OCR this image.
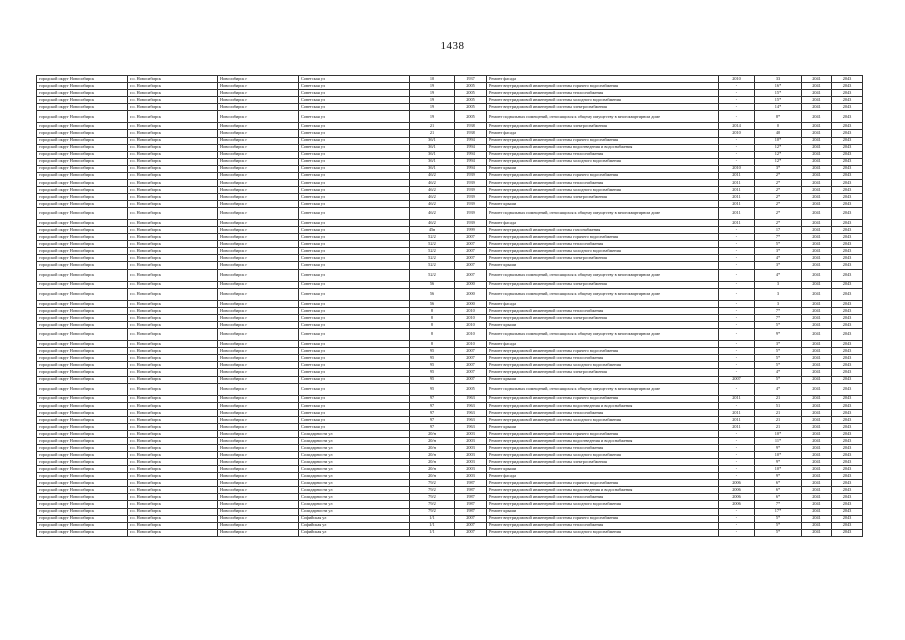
1438
городской округ Новосибирск	г.о. Новосибирск	Новосибирск г	Советская ул	10	1937	Ремонт фасада	2010	33	2041	2043
городской округ Новосибирск	г.о. Новосибирск	Новосибирск г	Советская ул	19	2005	Ремонт внутридомовой инженерной системы горячего водоснабжения	-	16*	2041	2043
городской округ Новосибирск	г.о. Новосибирск	Новосибирск г	Советская ул	19	2005	Ремонт внутридомовой инженерной системы теплоснабжения	-	15*	2041	2043
городской округ Новосибирск	г.о. Новосибирск	Новосибирск г	Советская ул	19	2005	Ремонт внутридомовой инженерной системы холодного водоснабжения	-	15*	2041	2043
городской округ Новосибирск	г.о. Новосибирск	Новосибирск г	Советская ул	19	2005	Ремонт внутридомовой инженерной системы электроснабжения	-	14*	2041	2043
городской округ Новосибирск	г.о. Новосибирск	Новосибирск г	Советская ул	19	2005	Ремонт подвальных помещений, относящихся к общему имуществу в многоквартирном доме	-	8*	2041	2043
городской округ Новосибирск	г.о. Новосибирск	Новосибирск г	Советская ул	21	1938	Ремонт внутридомовой инженерной системы электроснабжения	2014	0	2041	2043
городской округ Новосибирск	г.о. Новосибирск	Новосибирск г	Советская ул	21	1938	Ремонт фасада	2010	40	2041	2043
городской округ Новосибирск	г.о. Новосибирск	Новосибирск г	Советская ул	36/1	1994	Ремонт внутридомовой инженерной системы горячего водоснабжения	-	10*	2041	2043
городской округ Новосибирск	г.о. Новосибирск	Новосибирск г	Советская ул	36/1	1994	Ремонт внутридомовой инженерной системы водоотведения и водоснабжения	-	12*	2041	2043
городской округ Новосибирск	г.о. Новосибирск	Новосибирск г	Советская ул	36/1	1994	Ремонт внутридомовой инженерной системы теплоснабжения	-	12*	2041	2043
городской округ Новосибирск	г.о. Новосибирск	Новосибирск г	Советская ул	36/1	1994	Ремонт внутридомовой инженерной системы холодного водоснабжения	-	12*	2041	2043
городской округ Новосибирск	г.о. Новосибирск	Новосибирск г	Советская ул	36/1	1994	Ремонт крыши	2010	3*	2041	2043
городской округ Новосибирск	г.о. Новосибирск	Новосибирск г	Советская ул	46/2	1939	Ремонт внутридомовой инженерной системы горячего водоснабжения	2011	2*	2041	2043
городской округ Новосибирск	г.о. Новосибирск	Новосибирск г	Советская ул	46/2	1939	Ремонт внутридомовой инженерной системы теплоснабжения	2011	2*	2041	2043
городской округ Новосибирск	г.о. Новосибирск	Новосибирск г	Советская ул	46/2	1939	Ремонт внутридомовой инженерной системы холодного водоснабжения	2011	2*	2041	2043
городской округ Новосибирск	г.о. Новосибирск	Новосибирск г	Советская ул	46/2	1939	Ремонт внутридомовой инженерной системы электроснабжения	2011	2*	2041	2043
городской округ Новосибирск	г.о. Новосибирск	Новосибирск г	Советская ул	46/2	1939	Ремонт крыши	2011	2*	2041	2043
городской округ Новосибирск	г.о. Новосибирск	Новосибирск г	Советская ул	46/2	1939	Ремонт подвальных помещений, относящихся к общему имуществу в многоквартирном доме	2011	2*	2041	2043
городской округ Новосибирск	г.о. Новосибирск	Новосибирск г	Советская ул	46/2	1939	Ремонт фасада	2011	2*	2041	2043
городской округ Новосибирск	г.о. Новосибирск	Новосибирск г	Советская ул	45в	1999	Ремонт внутридомовой инженерной системы газоснабжения	-	17	2041	2043
городской округ Новосибирск	г.о. Новосибирск	Новосибирск г	Советская ул	52/2	2007	Ремонт внутридомовой инженерной системы горячего водоснабжения	-	7*	2041	2043
городской округ Новосибирск	г.о. Новосибирск	Новосибирск г	Советская ул	52/2	2007	Ремонт внутридомовой инженерной системы теплоснабжения	-	5*	2041	2043
городской округ Новосибирск	г.о. Новосибирск	Новосибирск г	Советская ул	52/2	2007	Ремонт внутридомовой инженерной системы холодного водоснабжения	-	3*	2041	2043
городской округ Новосибирск	г.о. Новосибирск	Новосибирск г	Советская ул	52/2	2007	Ремонт внутридомовой инженерной системы электроснабжения	-	4*	2041	2043
городской округ Новосибирск	г.о. Новосибирск	Новосибирск г	Советская ул	52/2	2007	Ремонт крыши	-	3*	2041	2043
городской округ Новосибирск	г.о. Новосибирск	Новосибирск г	Советская ул	52/2	2007	Ремонт подвальных помещений, относящихся к общему имуществу в многоквартирном доме	-	4*	2041	2043
городской округ Новосибирск	г.о. Новосибирск	Новосибирск г	Советская ул	56	2000	Ремонт внутридомовой инженерной системы электроснабжения	-	3	2041	2043
городской округ Новосибирск	г.о. Новосибирск	Новосибирск г	Советская ул	56	2000	Ремонт подвальных помещений, относящихся к общему имуществу в многоквартирном доме	-	3	2041	2043
городской округ Новосибирск	г.о. Новосибирск	Новосибирск г	Советская ул	56	2000	Ремонт фасада	-	3	2041	2043
городской округ Новосибирск	г.о. Новосибирск	Новосибирск г	Советская ул	8	2010	Ремонт внутридомовой инженерной системы теплоснабжения	-	7*	2041	2043
городской округ Новосибирск	г.о. Новосибирск	Новосибирск г	Советская ул	8	2010	Ремонт внутридомовой инженерной системы электроснабжения	-	7*	2041	2043
городской округ Новосибирск	г.о. Новосибирск	Новосибирск г	Советская ул	8	2010	Ремонт крыши	-	5*	2041	2043
городской округ Новосибирск	г.о. Новосибирск	Новосибирск г	Советская ул	8	2010	Ремонт подвальных помещений, относящихся к общему имуществу в многоквартирном доме	-	9*	2041	2043
городской округ Новосибирск	г.о. Новосибирск	Новосибирск г	Советская ул	8	2010	Ремонт фасада	-	3*	2041	2043
городской округ Новосибирск	г.о. Новосибирск	Новосибирск г	Советская ул	95	2007	Ремонт внутридомовой инженерной системы горячего водоснабжения	-	5*	2041	2043
городской округ Новосибирск	г.о. Новосибирск	Новосибирск г	Советская ул	95	2007	Ремонт внутридомовой инженерной системы теплоснабжения	-	5*	2041	2043
городской округ Новосибирск	г.о. Новосибирск	Новосибирск г	Советская ул	95	2007	Ремонт внутридомовой инженерной системы холодного водоснабжения	-	5*	2041	2043
городской округ Новосибирск	г.о. Новосибирск	Новосибирск г	Советская ул	95	2007	Ремонт внутридомовой инженерной системы электроснабжения	-	4*	2041	2043
городской округ Новосибирск	г.о. Новосибирск	Новосибирск г	Советская ул	95	2007	Ремонт крыши	2007	5*	2041	2043
городской округ Новосибирск	г.о. Новосибирск	Новосибирск г	Советская ул	95	2005	Ремонт подвальных помещений, относящихся к общему имуществу в многоквартирном доме	-	4*	2041	2043
городской округ Новосибирск	г.о. Новосибирск	Новосибирск г	Советская ул	97	1963	Ремонт внутридомовой инженерной системы горячего водоснабжения	2011	21	2041	2043
городской округ Новосибирск	г.о. Новосибирск	Новосибирск г	Советская ул	97	1963	Ремонт внутридомовой инженерной системы водоотведения и водоснабжения	-	51	2041	2043
городской округ Новосибирск	г.о. Новосибирск	Новосибирск г	Советская ул	97	1963	Ремонт внутридомовой инженерной системы теплоснабжения	2011	21	2041	2043
городской округ Новосибирск	г.о. Новосибирск	Новосибирск г	Советская ул	97	1963	Ремонт внутридомовой инженерной системы холодного водоснабжения	2011	21	2041	2043
городской округ Новосибирск	г.о. Новосибирск	Новосибирск г	Советская ул	97	1963	Ремонт крыши	2011	21	2041	2043
городской округ Новосибирск	г.о. Новосибирск	Новосибирск г	Солидарности ул	20/н	2003	Ремонт внутридомовой инженерной системы горячего водоснабжения	-	10*	2041	2043
городской округ Новосибирск	г.о. Новосибирск	Новосибирск г	Солидарности ул	20/н	2003	Ремонт внутридомовой инженерной системы водоотведения и водоснабжения	-	11*	2041	2043
городской округ Новосибирск	г.о. Новосибирск	Новосибирск г	Солидарности ул	20/н	2003	Ремонт внутридомовой инженерной системы теплоснабжения	-	9*	2041	2043
городской округ Новосибирск	г.о. Новосибирск	Новосибирск г	Солидарности ул	20/н	2003	Ремонт внутридомовой инженерной системы холодного водоснабжения	-	10*	2041	2043
городской округ Новосибирск	г.о. Новосибирск	Новосибирск г	Солидарности ул	20/н	2003	Ремонт внутридомовой инженерной системы электроснабжения	-	9*	2041	2043
городской округ Новосибирск	г.о. Новосибирск	Новосибирск г	Солидарности ул	20/н	2003	Ремонт крыши	-	10*	2041	2043
городской округ Новосибирск	г.о. Новосибирск	Новосибирск г	Солидарности ул	20/н	2003	Ремонт фасада	-	9*	2041	2043
городской округ Новосибирск	г.о. Новосибирск	Новосибирск г	Солидарности ул	79/2	1987	Ремонт внутридомовой инженерной системы горячего водоснабжения	2006	6*	2041	2043
городской округ Новосибирск	г.о. Новосибирск	Новосибирск г	Солидарности ул	79/2	1987	Ремонт внутридомовой инженерной системы водоотведения и водоснабжения	2006	6*	2041	2043
городской округ Новосибирск	г.о. Новосибирск	Новосибирск г	Солидарности ул	79/2	1987	Ремонт внутридомовой инженерной системы теплоснабжения	2006	6*	2041	2043
городской округ Новосибирск	г.о. Новосибирск	Новосибирск г	Солидарности ул	79/2	1987	Ремонт внутридомовой инженерной системы холодного водоснабжения	2006	7*	2041	2043
городской округ Новосибирск	г.о. Новосибирск	Новосибирск г	Солидарности ул	79/2	1987	Ремонт крыши	-	17*	2041	2043
городской округ Новосибирск	г.о. Новосибирск	Новосибирск г	Софийская ул	1/1	2007	Ремонт внутридомовой инженерной системы горячего водоснабжения	-	5*	2041	2043
городской округ Новосибирск	г.о. Новосибирск	Новосибирск г	Софийская ул	1/1	2007	Ремонт внутридомовой инженерной системы теплоснабжения	-	5*	2041	2043
городской округ Новосибирск	г.о. Новосибирск	Новосибирск г	Софийская ул	1/1	2007	Ремонт внутридомовой инженерной системы холодного водоснабжения	-	5*	2041	2043
